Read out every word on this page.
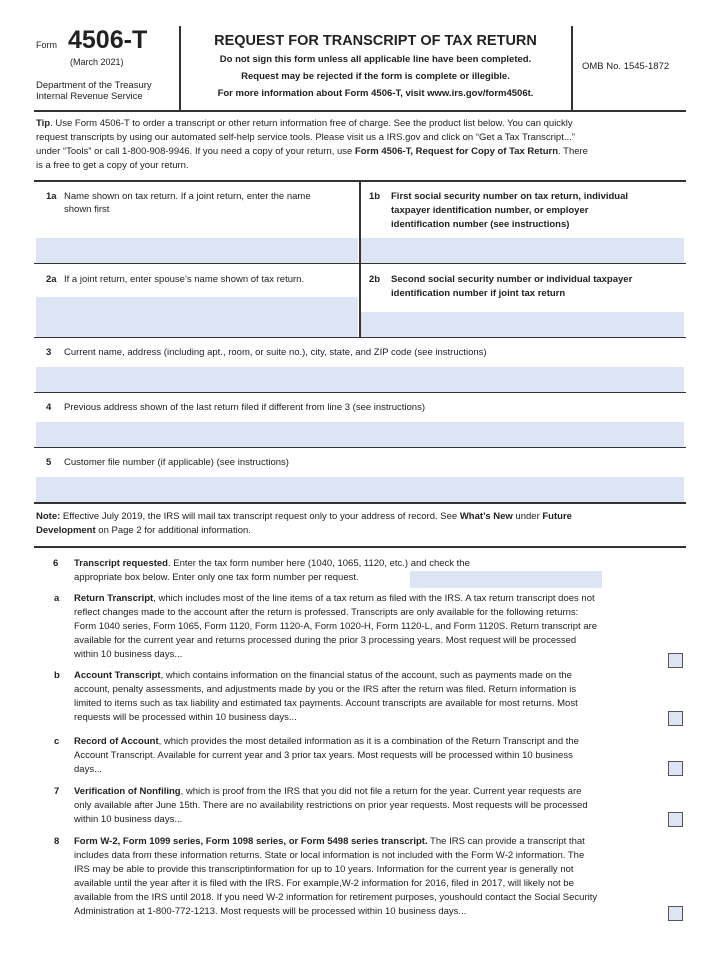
Form 4506-T
(March 2021)
Department of the Treasury
Internal Revenue Service
REQUEST FOR TRANSCRIPT OF TAX RETURN
Do not sign this form unless all applicable line have been completed.
Request may be rejected if the form is complete or illegible.
For more information about Form 4506-T, visit www.irs.gov/form4506t.
OMB No. 1545-1872
Tip. Use Form 4506-T to order a transcript or other return information free of charge. See the product list below. You can quickly
request transcripts by using our automated self-help service tools. Please visit us a IRS.gov and click on “Get a Tax Transcript...”
under “Tools” or call 1-800-908-9946. If you need a copy of your return, use Form 4506-T, Request for Copy of Tax Return. There
is a free to get a copy of your return.
1a Name shown on tax return. If a joint return, enter the name
shown first
1b First social security number on tax return, individual
taxpayer identification number, or employer
identification number (see instructions)
2a If a joint return, enter spouse’s name shown of tax return.	2b Second social security number or individual taxpayer
identification number if joint tax return
3 Current name, address (including apt., room, or suite no.), city, state, and ZIP code (see instructions)
4 Previous address shown of the last return filed if different from line 3 (see instructions)
5 Customer file number (if applicable) (see instructions)
Note: Effective July 2019, the IRS will mail tax transcript request only to your address of record. See What’s New under Future
Development on Page 2 for additional information.
6 Transcript requested. Enter the tax form number here (1040, 1065, 1120, etc.) and check the
appropriate box below. Enter only one tax form number per request.
a Return Transcript, which includes most of the line items of a tax return as filed with the IRS. A tax return transcript does not
reflect changes made to the account after the return is professed. Transcripts are only available for the following returns:
Form 1040 series, Form 1065, Form 1120, Form 1120-A, Form 1020-H, Form 1120-L, and Form 1120S. Return transcript are
available for the current year and returns processed during the prior 3 processing years. Most request will be processed
within 10 business days...
b Account Transcript, which contains information on the financial status of the account, such as payments made on the
account, penalty assessments, and adjustments made by you or the IRS after the return was filed. Return information is
limited to items such as tax liability and estimated tax payments. Account transcripts are available for most returns. Most
requests will be processed within 10 business days...
c Record of Account, which provides the most detailed information as it is a combination of the Return Transcript and the
Account Transcript. Available for current year and 3 prior tax years. Most requests will be processed within 10 business
days...
7 Verification of Nonfiling, which is proof from the IRS that you did not file a return for the year. Current year requests are
only available after June 15th. There are no availability restrictions on prior year requests. Most requests will be processed
within 10 business days...
8 Form W-2, Form 1099 series, Form 1098 series, or Form 5498 series transcript. The IRS can provide a transcript that
includes data from these information returns. State or local information is not included with the Form W-2 information. The
IRS may be able to provide this transcriptinformation for up to 10 years. Information for the current year is generally not
available until the year after it is filed with the IRS. For example,W-2 information for 2016, filed in 2017, will likely not be
available from the IRS until 2018. If you need W-2 information for retirement purposes, youshould contact the Social Security
Administration at 1-800-772-1213. Most requests will be processed within 10 business days...
